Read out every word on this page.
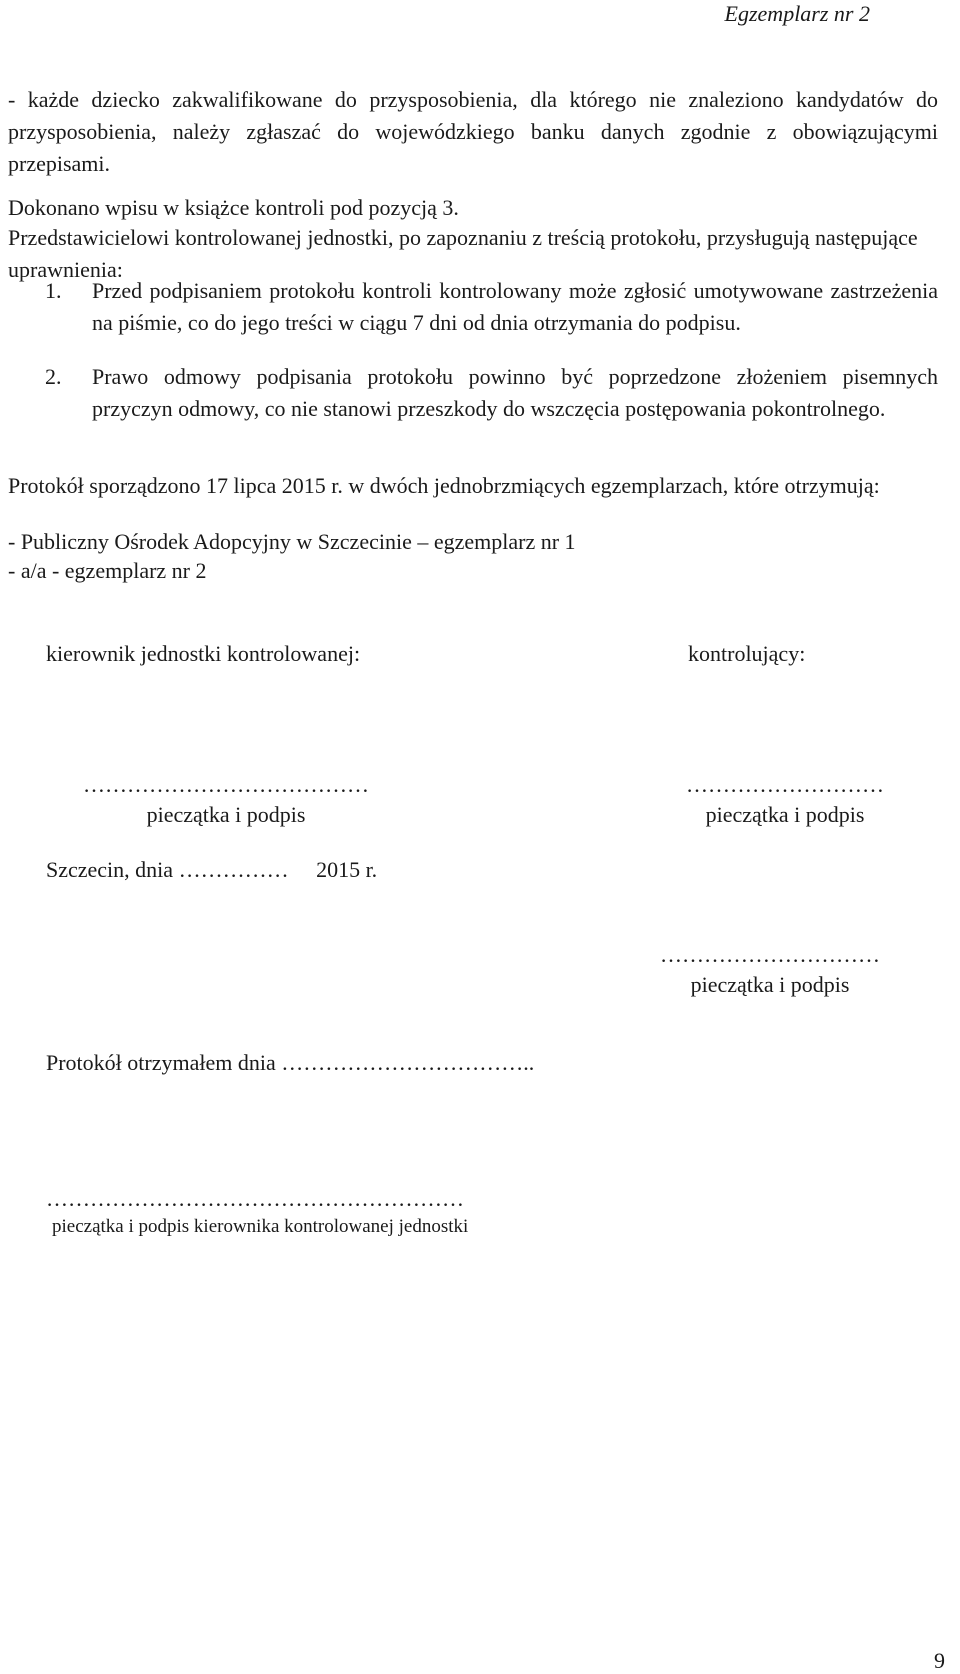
Egzemplarz nr 2
- każde dziecko zakwalifikowane do przysposobienia, dla którego nie znaleziono kandydatów do przysposobienia, należy zgłaszać do wojewódzkiego banku danych zgodnie z obowiązującymi przepisami.
Dokonano wpisu w książce kontroli pod pozycją 3.
Przedstawicielowi kontrolowanej jednostki, po zapoznaniu z treścią protokołu, przysługują następujące uprawnienia:
1. Przed podpisaniem protokołu kontroli kontrolowany może zgłosić umotywowane zastrzeżenia na piśmie, co do jego treści w ciągu 7 dni od dnia otrzymania do podpisu.
2. Prawo odmowy podpisania protokołu powinno być poprzedzone złożeniem pisemnych przyczyn odmowy, co nie stanowi przeszkody do wszczęcia postępowania pokontrolnego.
Protokół sporządzono 17 lipca 2015 r. w dwóch jednobrzmiących egzemplarzach, które otrzymują:
- Publiczny Ośrodek Adopcyjny w Szczecinie – egzemplarz nr 1
- a/a - egzemplarz nr 2
kierownik jednostki kontrolowanej:	kontrolujący:
…………………………………
pieczątka i podpis
………………………
pieczątka i podpis
Szczecin, dnia …………… 2015 r.
…………………………
pieczątka i podpis
Protokół otrzymałem dnia ……………………………..
…………………………………………………
pieczątka i podpis kierownika kontrolowanej jednostki
9
